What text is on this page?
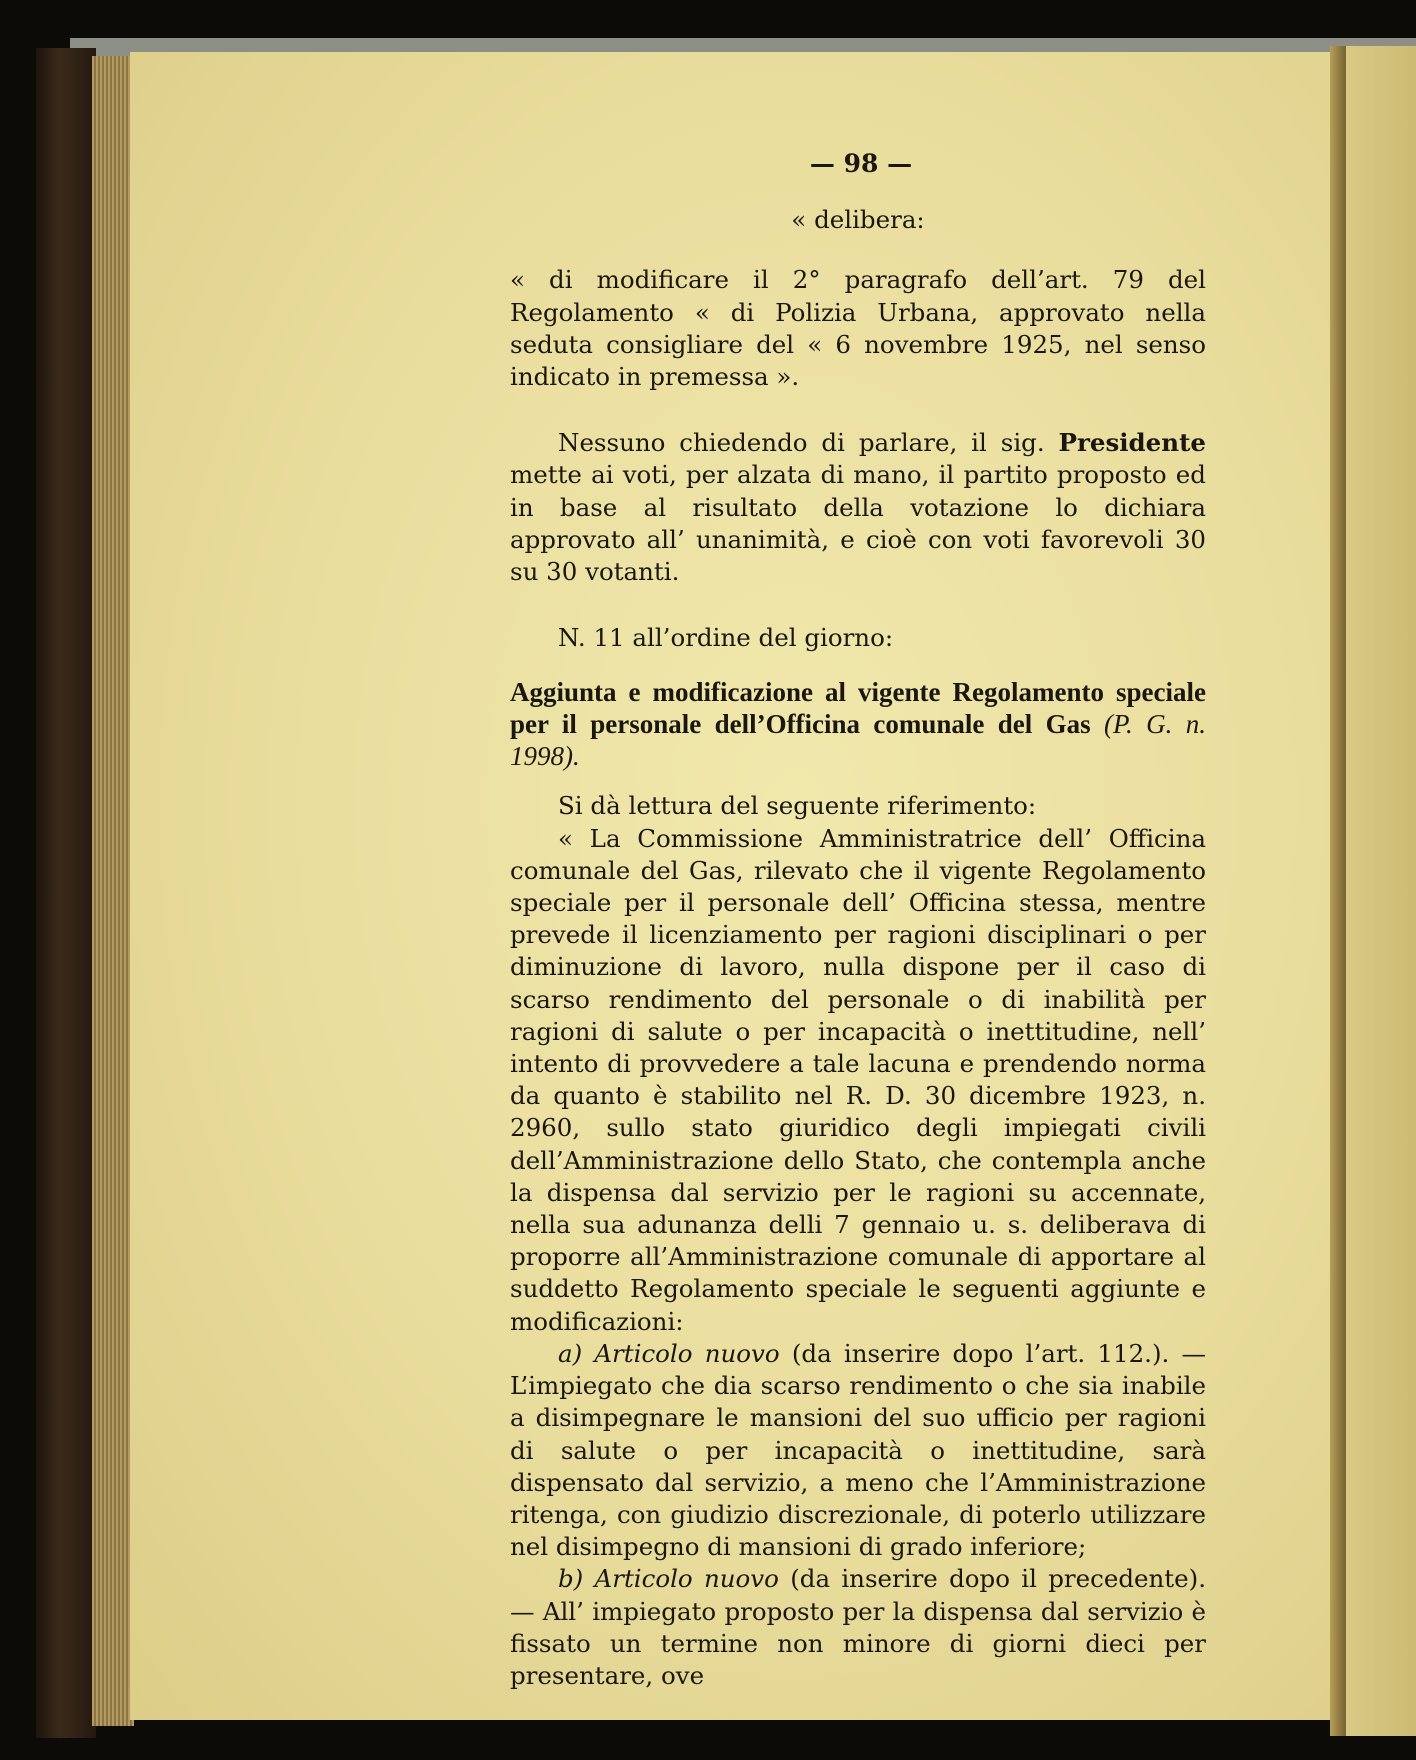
— 98 —
« delibera:

« di modificare il 2° paragrafo dell’art. 79 del Regolamento « di Polizia Urbana, approvato nella seduta consigliare del « 6 novembre 1925, nel senso indicato in premessa ».

Nessuno chiedendo di parlare, il sig. Presidente mette ai voti, per alzata di mano, il partito proposto ed in base al risultato della votazione lo dichiara approvato all’ unanimità, e cioè con voti favorevoli 30 su 30 votanti.

N. 11 all’ordine del giorno:

Aggiunta e modificazione al vigente Regolamento speciale per il personale dell’Officina comunale del Gas (P. G. n. 1998).

Si dà lettura del seguente riferimento:

« La Commissione Amministratrice dell’ Officina comunale del Gas, rilevato che il vigente Regolamento speciale per il personale dell’ Officina stessa, mentre prevede il licenziamento per ragioni disciplinari o per diminuzione di lavoro, nulla dispone per il caso di scarso rendimento del personale o di inabilità per ragioni di salute o per incapacità o inettitudine, nell’ intento di provvedere a tale lacuna e prendendo norma da quanto è stabilito nel R. D. 30 dicembre 1923, n. 2960, sullo stato giuridico degli impiegati civili dell’Amministrazione dello Stato, che contempla anche la dispensa dal servizio per le ragioni su accennate, nella sua adunanza delli 7 gennaio u. s. deliberava di proporre all’Amministrazione comunale di apportare al suddetto Regolamento speciale le seguenti aggiunte e modificazioni:

a) Articolo nuovo (da inserire dopo l’art. 112.). — L’impiegato che dia scarso rendimento o che sia inabile a disimpegnare le mansioni del suo ufficio per ragioni di salute o per incapacità o inettitudine, sarà dispensato dal servizio, a meno che l’Amministrazione ritenga, con giudizio discrezionale, di poterlo utilizzare nel disimpegno di mansioni di grado inferiore;

b) Articolo nuovo (da inserire dopo il precedente). — All’ impiegato proposto per la dispensa dal servizio è fissato un termine non minore di giorni dieci per presentare, ove
